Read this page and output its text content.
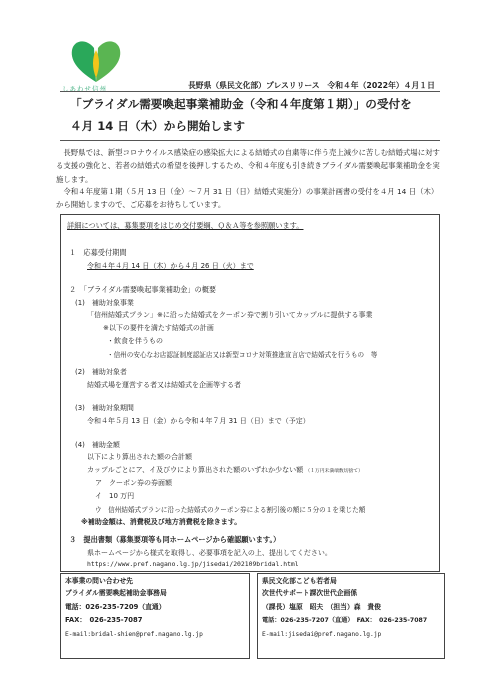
しあわせ信州	長野県（県民文化部）プレスリリース　令和４年（2022年）４月１日
「ブライダル需要喚起事業補助金（令和４年度第１期）」の受付を
４月 14 日（木）から開始します
長野県では、新型コロナウイルス感染症の感染拡大による結婚式の自粛等に伴う売上減少に苦しむ結婚式場に対する支援の強化と、若者の結婚式の希望を後押しするため、令和４年度も引き続きブライダル需要喚起事業補助金を実施します。
令和４年度第１期（５月 13 日（金）～７月 31 日（日）結婚式実施分）の事業計画書の受付を４月 14 日（木）から開始しますので、ご応募をお待ちしています。
詳細については、募集要項をはじめ交付要綱、Ｑ＆Ａ等を参照願います。
１　応募受付期間
令和４年４月 14 日（木）から４月 26 日（火）まで
２　「ブライダル需要喚起事業補助金」の概要
(1)　補助対象事業
「信州結婚式プラン」※に沿った結婚式をクーポン券で割り引いてカップルに提供する事業
※以下の要件を満たす結婚式の計画
・飲食を伴うもの
・信州の安心なお店認証制度認証店又は新型コロナ対策推進宣言店で結婚式を行うもの　等
(2)　補助対象者
結婚式場を運営する者又は結婚式を企画等する者
(3)　補助対象期間
令和４年５月 13 日（金）から令和４年７月 31 日（日）まで（予定）
(4)　補助金額
以下により算出された額の合計額
カップルごとにア、イ及びウにより算出された額のいずれか少ない額 （１万円未満端数切捨て）
ア　クーポン券の券面額
イ　10 万円
ウ　信州結婚式プランに沿った結婚式のクーポン券による割引後の額に５分の１を乗じた額
※補助金額は、消費税及び地方消費税を除きます。
３　提出書類（募集要項等も同ホームページから確認願います。）
県ホームページから様式を取得し、必要事項を記入の上、提出してください。
https://www.pref.nagano.lg.jp/jisedai/202109bridal.html
本事業の問い合わせ先
ブライダル需要喚起補助金事務局
電話：026-235-7209（直通）
FAX：　026-235-7087
E-mail:bridal-shien@pref.nagano.lg.jp
県民文化部こども若者局
次世代サポート課次世代企画係
（課長）塩原　昭夫　（担当）森　貴俊
電話：026-235-7207（直通）　FAX：　026-235-7087
E-mail:jisedai@pref.nagano.lg.jp
